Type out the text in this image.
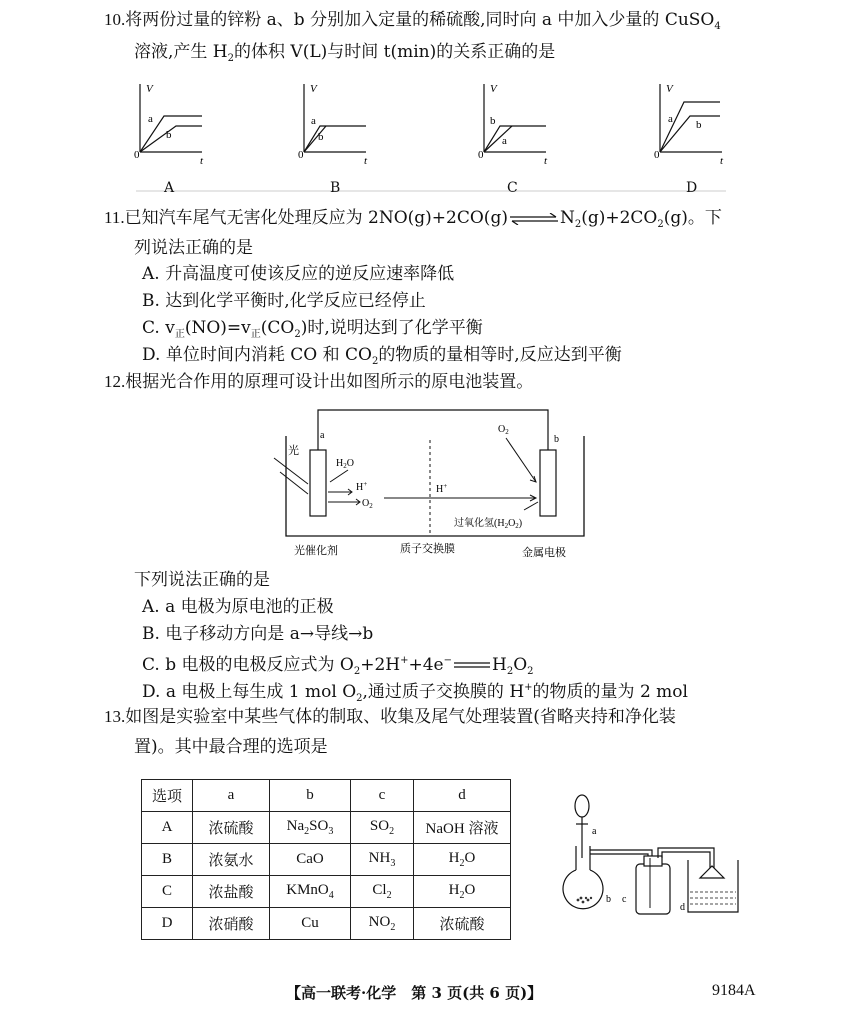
10.将两份过量的锌粉 a、b 分别加入定量的稀硫酸,同时向 a 中加入少量的 CuSO$_4$
溶液,产生 $H_2$的体积 V(L)与时间 t(min)的关系正确的是
V
t
0
a
b
V
t
0
a
b
V
t
0
b
a
V
t
0
a b
A	B	C	D
11.已知汽车尾气无害化处理反应为 $2NO(g)+2CO(g)\rightleftharpoons N_2(g)+2CO_2(g)$。下
列说法正确的是
A. 升高温度可使该反应的逆反应速率降低
B. 达到化学平衡时,化学反应已经停止
C. $v_正(NO)=v_正(CO_2)$时,说明达到了化学平衡
D. 单位时间内消耗 CO 和 $CO_2$的物质的量相等时,反应达到平衡
12.根据光合作用的原理可设计出如图所示的原电池装置。
光
a	b
$H_2O$
H+
$O_2$
H+
$O_2$
过氧化氢$(H_2O_2)$
光催化剂	质子交换膜	金属电极
下列说法正确的是
A. a 电极为原电池的正极
B. 电子移动方向是 a→导线→b
C. b 电极的电极反应式为 $O_2+2H^++4e^-$ $H_2O_2$
D. a 电极上每生成 1 mol $O_2$,通过质子交换膜的 H+的物质的量为 2 mol
13.如图是实验室中某些气体的制取、收集及尾气处理装置(省略夹持和净化装
置)。其中最合理的选项是
选项	a	b	c	d
A	浓硫酸	$Na_2SO_3$	$SO_2$	NaOH 溶液
B	浓氨水	CaO	$NH_3$	$H_2O$
C	浓盐酸	KMnO$_4$	$Cl_2$	$H_2O$
D	浓硝酸	Cu	$NO_2$	浓硫酸
a
b c
d
【高一联考·化学　第 3 页(共 6 页)】	9184A
